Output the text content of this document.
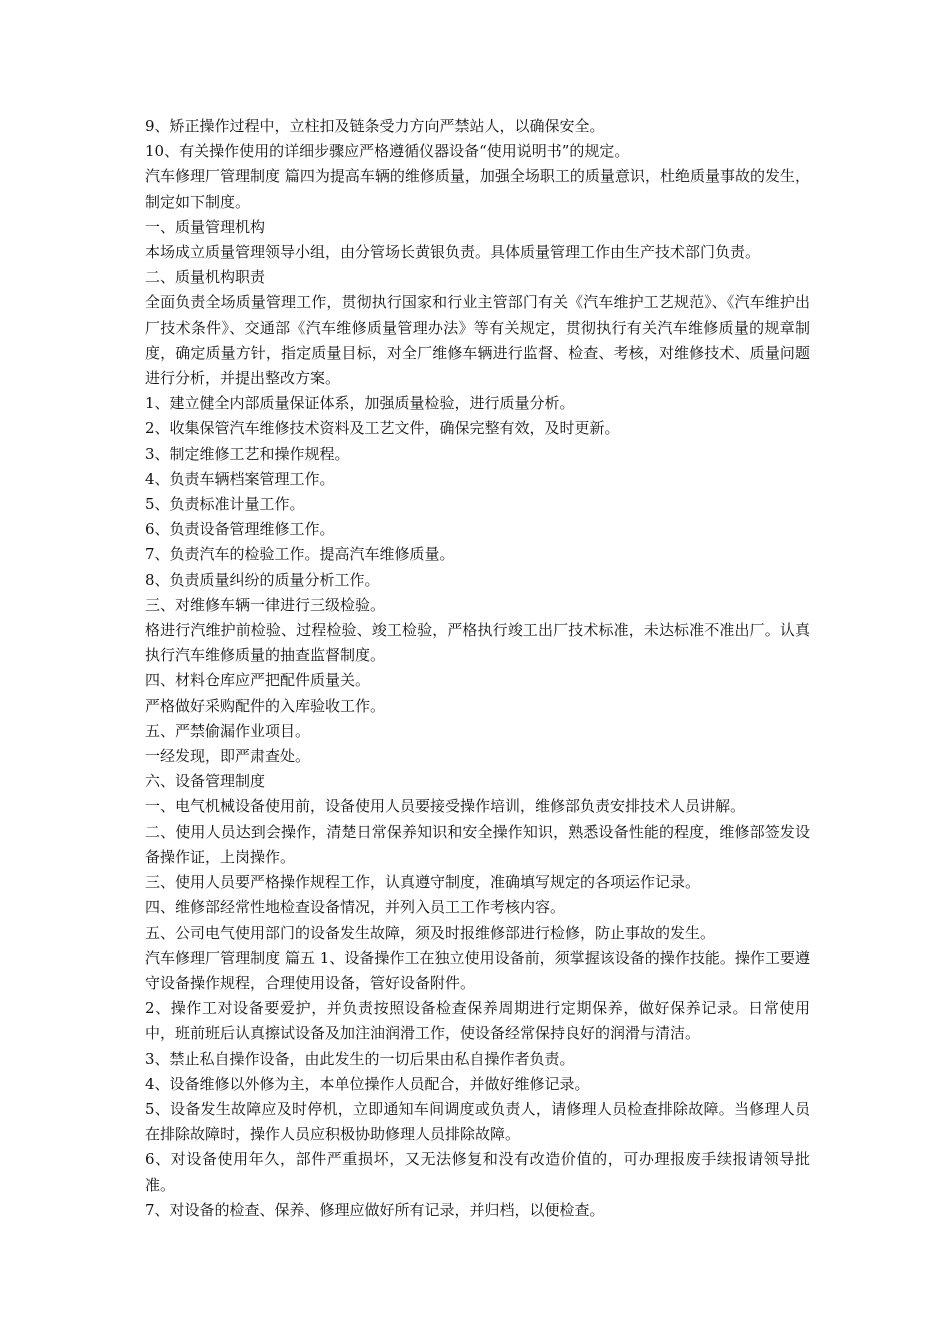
9、矫正操作过程中，立柱扣及链条受力方向严禁站人，以确保安全。

10、有关操作使用的详细步骤应严格遵循仪器设备“使用说明书”的规定。

汽车修理厂管理制度 篇四为提高车辆的维修质量，加强全场职工的质量意识，杜绝质量事故的发生，制定如下制度。

一、质量管理机构

本场成立质量管理领导小组，由分管场长黄银负责。具体质量管理工作由生产技术部门负责。

二、质量机构职责

全面负责全场质量管理工作，贯彻执行国家和行业主管部门有关《汽车维护工艺规范》、《汽车维护出厂技术条件》、交通部《汽车维修质量管理办法》等有关规定，贯彻执行有关汽车维修质量的规章制度，确定质量方针，指定质量目标，对全厂维修车辆进行监督、检查、考核，对维修技术、质量问题进行分析，并提出整改方案。

1、建立健全内部质量保证体系，加强质量检验，进行质量分析。

2、收集保管汽车维修技术资料及工艺文件，确保完整有效，及时更新。

3、制定维修工艺和操作规程。

4、负责车辆档案管理工作。

5、负责标准计量工作。

6、负责设备管理维修工作。

7、负责汽车的检验工作。提高汽车维修质量。

8、负责质量纠纷的质量分析工作。

三、对维修车辆一律进行三级检验。

格进行汽维护前检验、过程检验、竣工检验，严格执行竣工出厂技术标准，未达标准不准出厂。认真执行汽车维修质量的抽查监督制度。

四、材料仓库应严把配件质量关。

严格做好采购配件的入库验收工作。

五、严禁偷漏作业项目。

一经发现，即严肃查处。

六、设备管理制度

一、电气机械设备使用前，设备使用人员要接受操作培训，维修部负责安排技术人员讲解。

二、使用人员达到会操作，清楚日常保养知识和安全操作知识，熟悉设备性能的程度，维修部签发设备操作证，上岗操作。

三、使用人员要严格操作规程工作，认真遵守制度，准确填写规定的各项运作记录。

四、维修部经常性地检查设备情况，并列入员工工作考核内容。

五、公司电气使用部门的设备发生故障，须及时报维修部进行检修，防止事故的发生。

汽车修理厂管理制度 篇五 1、设备操作工在独立使用设备前，须掌握该设备的操作技能。操作工要遵守设备操作规程，合理使用设备，管好设备附件。

2、操作工对设备要爱护，并负责按照设备检查保养周期进行定期保养，做好保养记录。日常使用中，班前班后认真擦试设备及加注油润滑工作，使设备经常保持良好的润滑与清洁。

3、禁止私自操作设备，由此发生的一切后果由私自操作者负责。

4、设备维修以外修为主，本单位操作人员配合，并做好维修记录。

5、设备发生故障应及时停机，立即通知车间调度或负责人，请修理人员检查排除故障。当修理人员在排除故障时，操作人员应积极协助修理人员排除故障。

6、对设备使用年久，部件严重损坏，又无法修复和没有改造价值的，可办理报废手续报请领导批准。

7、对设备的检查、保养、修理应做好所有记录，并归档，以便检查。
